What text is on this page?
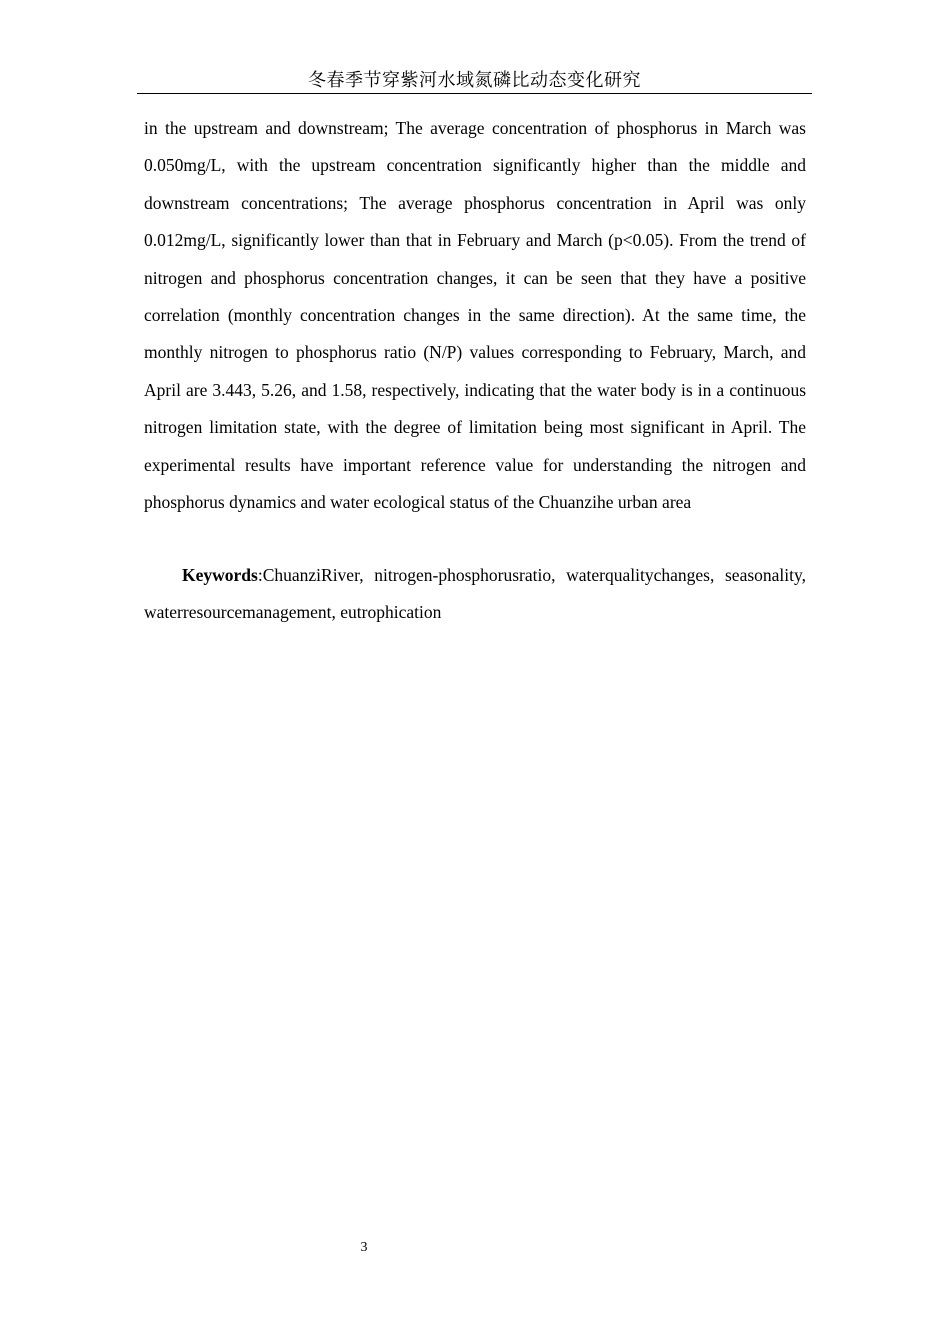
冬春季节穿紫河水域氮磷比动态变化研究

in the upstream and downstream; The average concentration of phosphorus in March was 0.050mg/L, with the upstream concentration significantly higher than the middle and downstream concentrations; The average phosphorus concentration in April was only 0.012mg/L, significantly lower than that in February and March (p<0.05). From the trend of nitrogen and phosphorus concentration changes, it can be seen that they have a positive correlation (monthly concentration changes in the same direction). At the same time, the monthly nitrogen to phosphorus ratio (N/P) values corresponding to February, March, and April are 3.443, 5.26, and 1.58, respectively, indicating that the water body is in a continuous nitrogen limitation state, with the degree of limitation being most significant in April. The experimental results have important reference value for understanding the nitrogen and phosphorus dynamics and water ecological status of the Chuanzihe urban area

Keywords:ChuanziRiver, nitrogen-phosphorusratio, waterqualitychanges, seasonality, waterresourcemanagement, eutrophication

3
